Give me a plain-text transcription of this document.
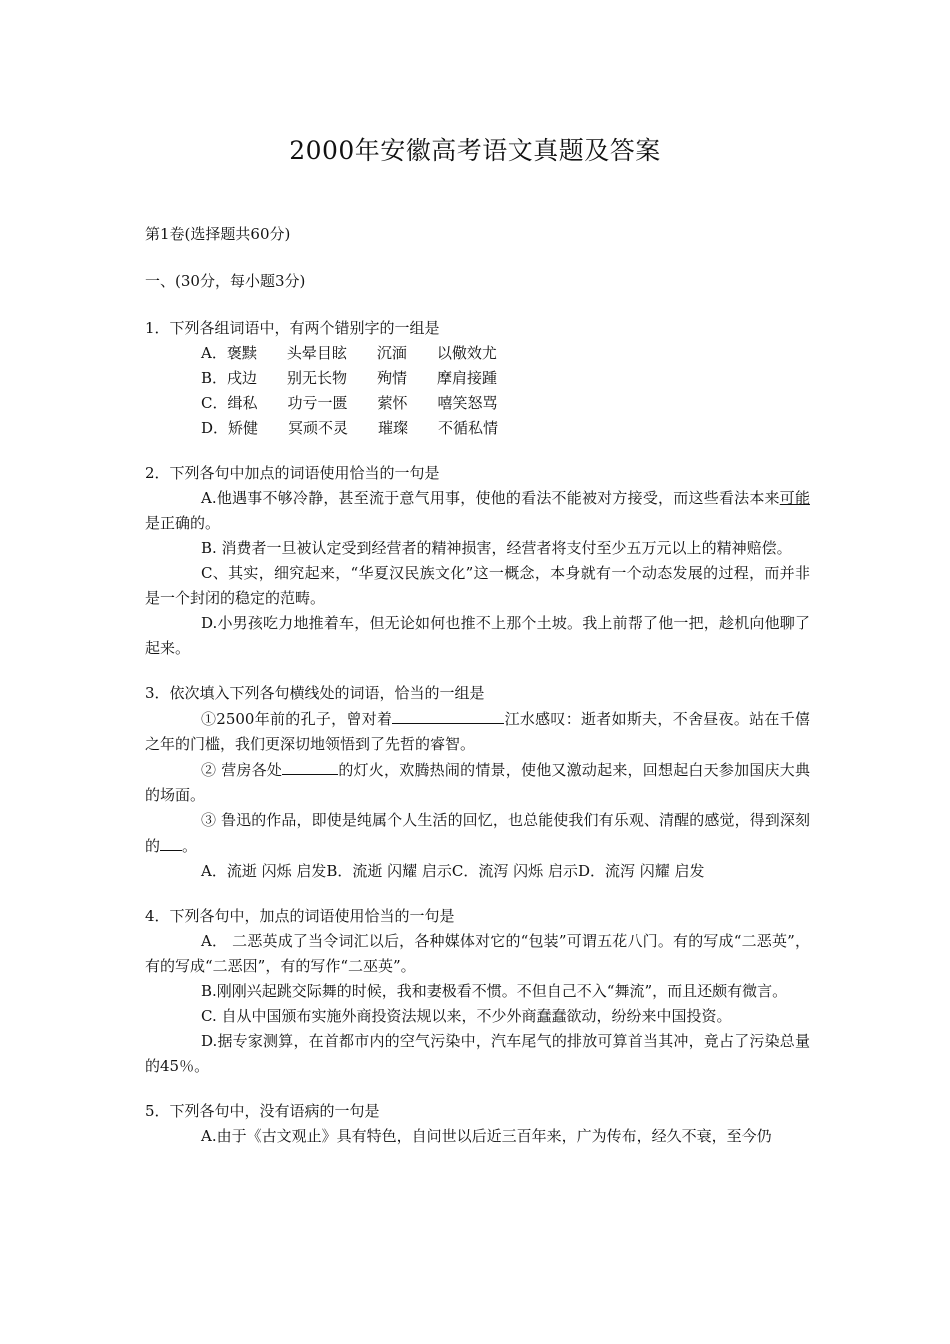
2000年安徽高考语文真题及答案

第1卷(选择题共60分)

一、(30分，每小题3分)

1．下列各组词语中，有两个错别字的一组是

A．褒黩　　头晕目眩　　沉湎　　以儆效尤

B．戌边　　别无长物　　殉情　　摩肩接踵

C．缉私　　功亏一匮　　萦怀　　嘻笑怒骂

D．矫健　　冥顽不灵　　璀璨　　不循私情

2．下列各句中加点的词语使用恰当的一句是

A.他遇事不够冷静，甚至流于意气用事，使他的看法不能被对方接受，而这些看法本来可能是正确的。

B. 消费者一旦被认定受到经营者的精神损害，经营者将支付至少五万元以上的精神赔偿。

C、其实，细究起来，“华夏汉民族文化”这一概念，本身就有一个动态发展的过程，而并非是一个封闭的稳定的范畴。

D.小男孩吃力地推着车，但无论如何也推不上那个土坡。我上前帮了他一把，趁机向他聊了起来。

3．依次填入下列各句横线处的词语，恰当的一组是

①2500年前的孔子，曾对着	江水感叹：逝者如斯夫，不舍昼夜。站在千僖之年的门槛，我们更深切地领悟到了先哲的睿智。

② 营房各处	的灯火，欢腾热闹的情景，使他又激动起来，回想起白天参加国庆大典的场面。

③ 鲁迅的作品，即使是纯属个人生活的回忆，也总能使我们有乐观、清醒的感觉，得到深刻的 。

A．流逝 闪烁 启发B．流逝 闪耀 启示C．流泻 闪烁 启示D．流泻 闪耀 启发

4．下列各句中，加点的词语使用恰当的一句是

A． 二恶英成了当令词汇以后，各种媒体对它的“包装”可谓五花八门。有的写成“二恶英”，有的写成“二恶因”，有的写作“二巫英”。

B.刚刚兴起跳交际舞的时候，我和妻极看不惯。不但自己不入“舞流”，而且还颇有微言。

C. 自从中国颁布实施外商投资法规以来，不少外商蠢蠢欲动，纷纷来中国投资。

D.据专家测算，在首都市内的空气污染中，汽车尾气的排放可算首当其冲，竟占了污染总量的45％。

5．下列各句中，没有语病的一句是

A.由于《古文观止》具有特色，自问世以后近三百年来，广为传布，经久不衰，至今仍
